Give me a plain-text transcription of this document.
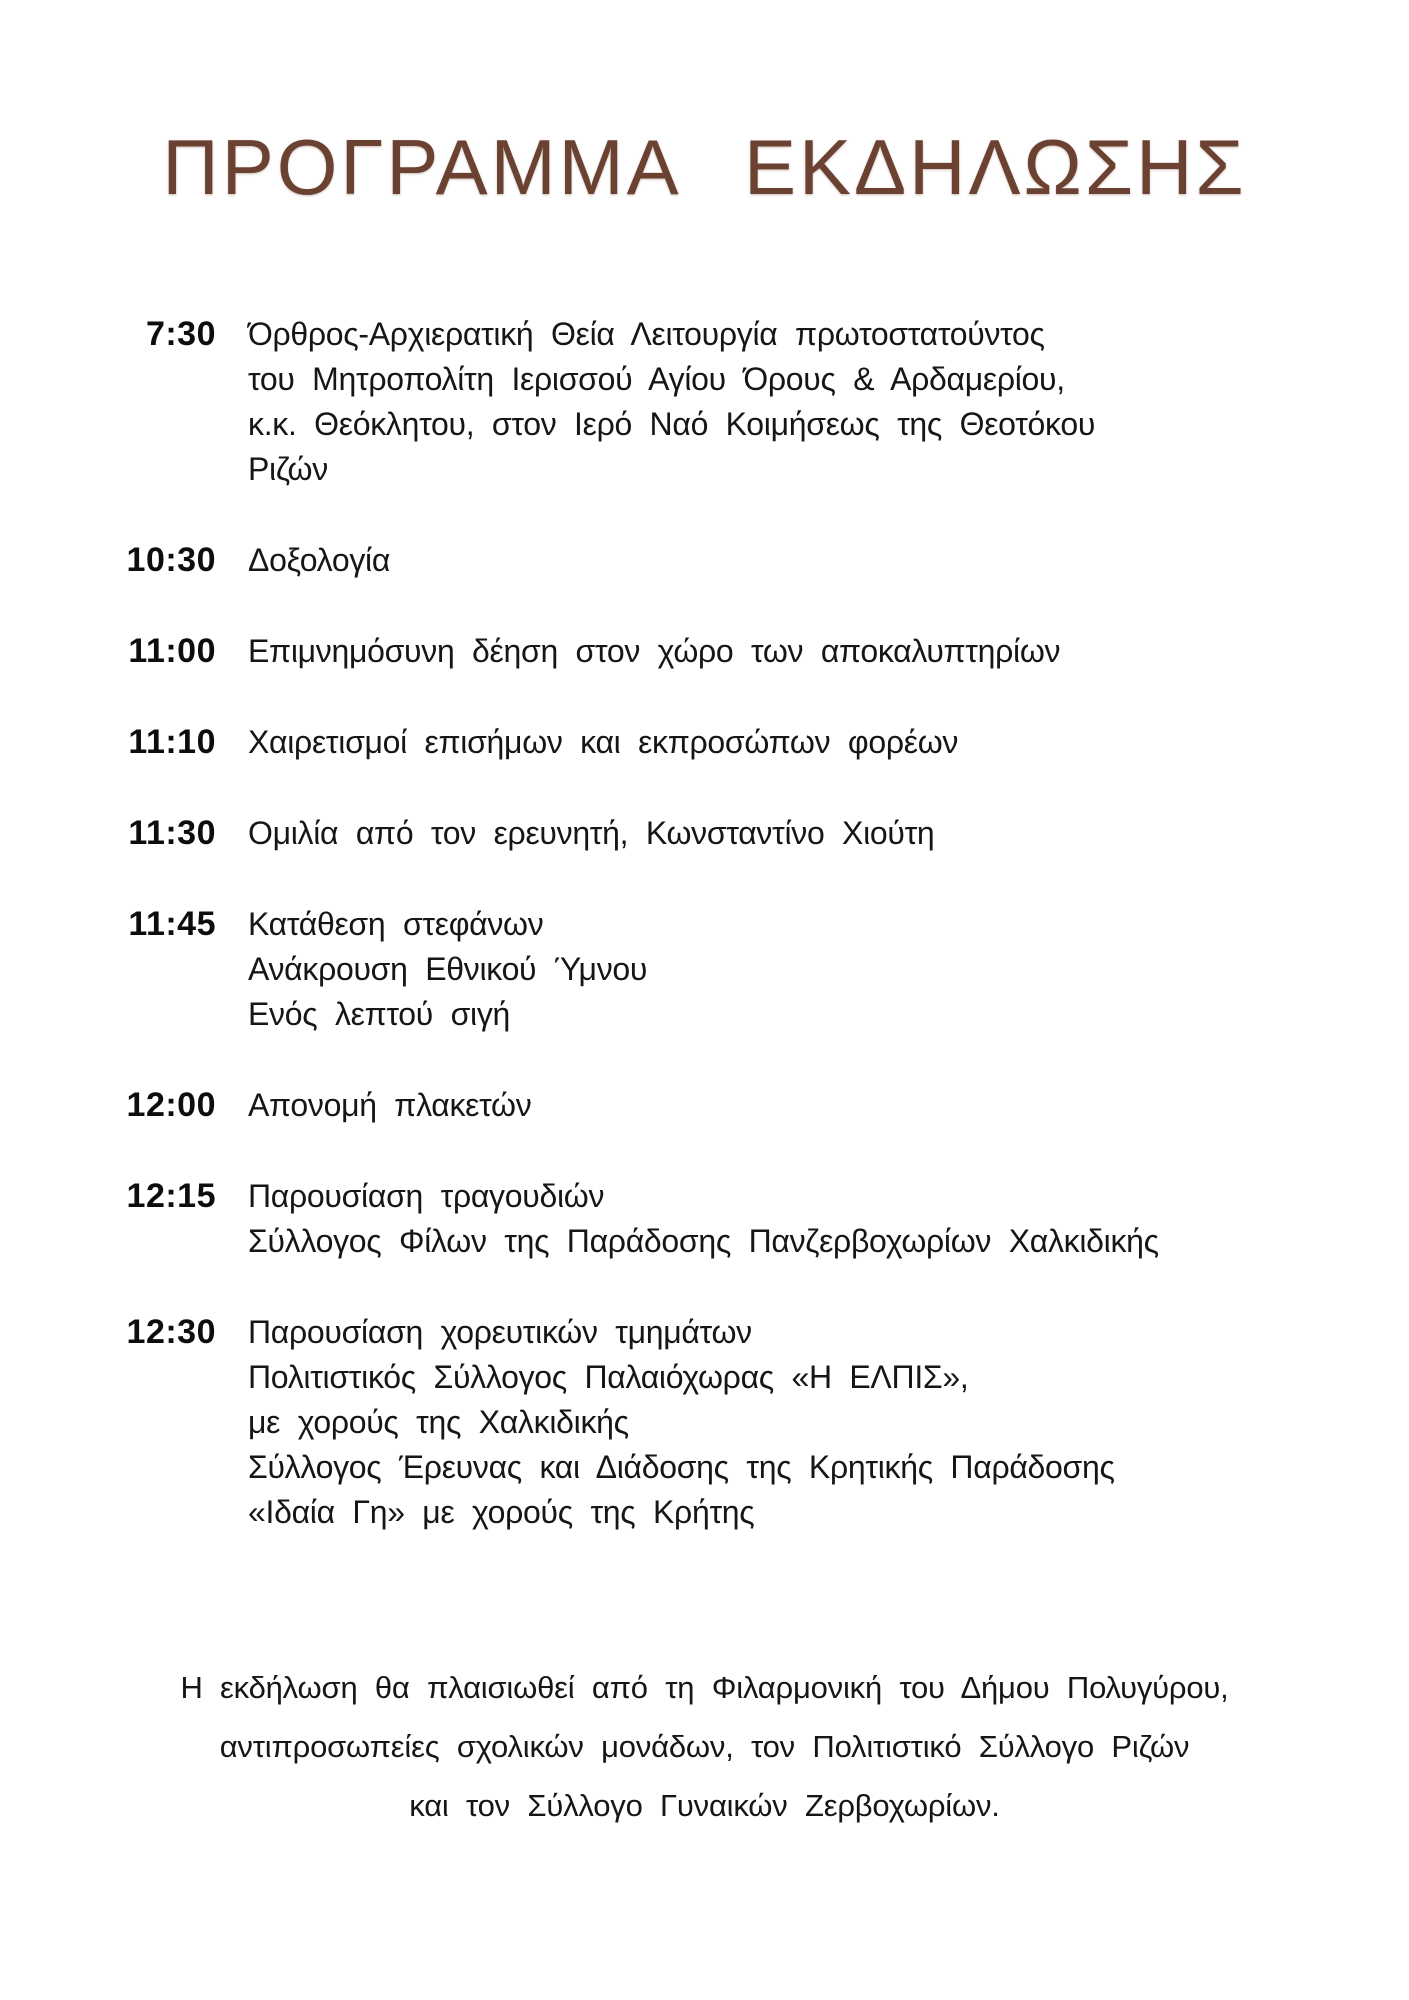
ΠΡΟΓΡΑΜΜΑ ΕΚΔΗΛΩΣΗΣ
7:30 Όρθρος-Αρχιερατική Θεία Λειτουργία πρωτοστατούντος
του Μητροπολίτη Ιερισσού Αγίου Όρους & Αρδαμερίου,
κ.κ. Θεόκλητου, στον Ιερό Ναό Κοιμήσεως της Θεοτόκου
Ριζών
10:30 Δοξολογία
11:00 Επιμνημόσυνη δέηση στον χώρο των αποκαλυπτηρίων
11:10 Χαιρετισμοί επισήμων και εκπροσώπων φορέων
11:30 Ομιλία από τον ερευνητή, Κωνσταντίνο Χιούτη
11:45 Κατάθεση στεφάνων
Ανάκρουση Εθνικού Ύμνου
Ενός λεπτού σιγή
12:00 Απονομή πλακετών
12:15 Παρουσίαση τραγουδιών
Σύλλογος Φίλων της Παράδοσης Πανζερβοχωρίων Χαλκιδικής
12:30 Παρουσίαση χορευτικών τμημάτων
Πολιτιστικός Σύλλογος Παλαιόχωρας «Η ΕΛΠΙΣ»,
με χορούς της Χαλκιδικής
Σύλλογος Έρευνας και Διάδοσης της Κρητικής Παράδοσης
«Ιδαία Γη» με χορούς της Κρήτης
Η εκδήλωση θα πλαισιωθεί από τη Φιλαρμονική του Δήμου Πολυγύρου,
αντιπροσωπείες σχολικών μονάδων, τον Πολιτιστικό Σύλλογο Ριζών
και τον Σύλλογο Γυναικών Ζερβοχωρίων.
